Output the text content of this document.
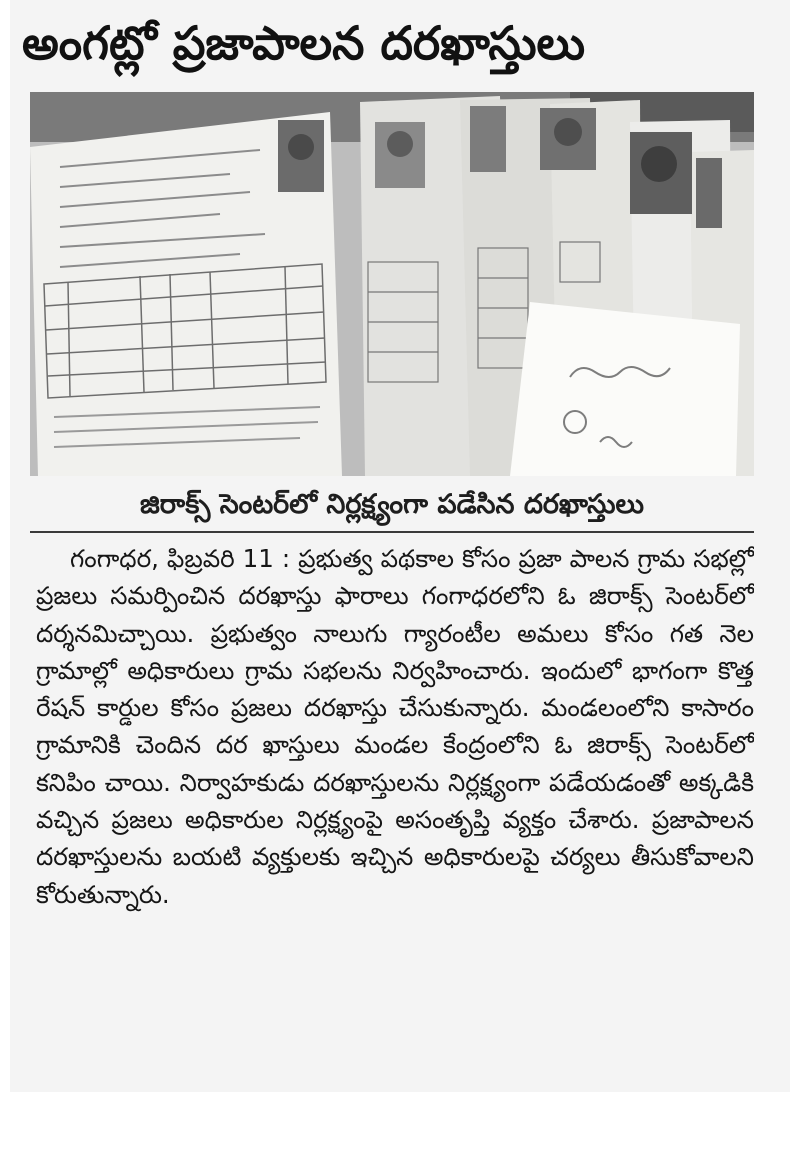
అంగట్లో ప్రజాపాలన దరఖాస్తులు
జిరాక్స్ సెంటర్‌లో నిర్లక్ష్యంగా పడేసిన దరఖాస్తులు
గంగాధర, ఫిబ్రవరి 11 : ప్రభుత్వ పథకాల కోసం ప్రజా పాలన గ్రామ సభల్లో ప్రజలు సమర్పించిన దరఖాస్తు ఫారాలు గంగాధరలోని ఓ జిరాక్స్ సెంటర్‌లో దర్శనమిచ్చాయి. ప్రభుత్వం నాలుగు గ్యారంటీల అమలు కోసం గత నెల గ్రామాల్లో అధికారులు గ్రామ సభలను నిర్వహించారు. ఇందులో భాగంగా కొత్త రేషన్ కార్డుల కోసం ప్రజలు దరఖాస్తు చేసుకున్నారు. మండలంలోని కాసారం గ్రామానికి చెందిన దర ఖాస్తులు మండల కేంద్రంలోని ఓ జిరాక్స్ సెంటర్‌లో కనిపిం చాయి. నిర్వాహకుడు దరఖాస్తులను నిర్లక్ష్యంగా పడేయడంతో అక్కడికి వచ్చిన ప్రజలు అధికారుల నిర్లక్ష్యంపై అసంతృప్తి వ్యక్తం చేశారు. ప్రజాపాలన దరఖాస్తులను బయటి వ్యక్తులకు ఇచ్చిన అధికారులపై చర్యలు తీసుకోవాలని కోరుతున్నారు.
